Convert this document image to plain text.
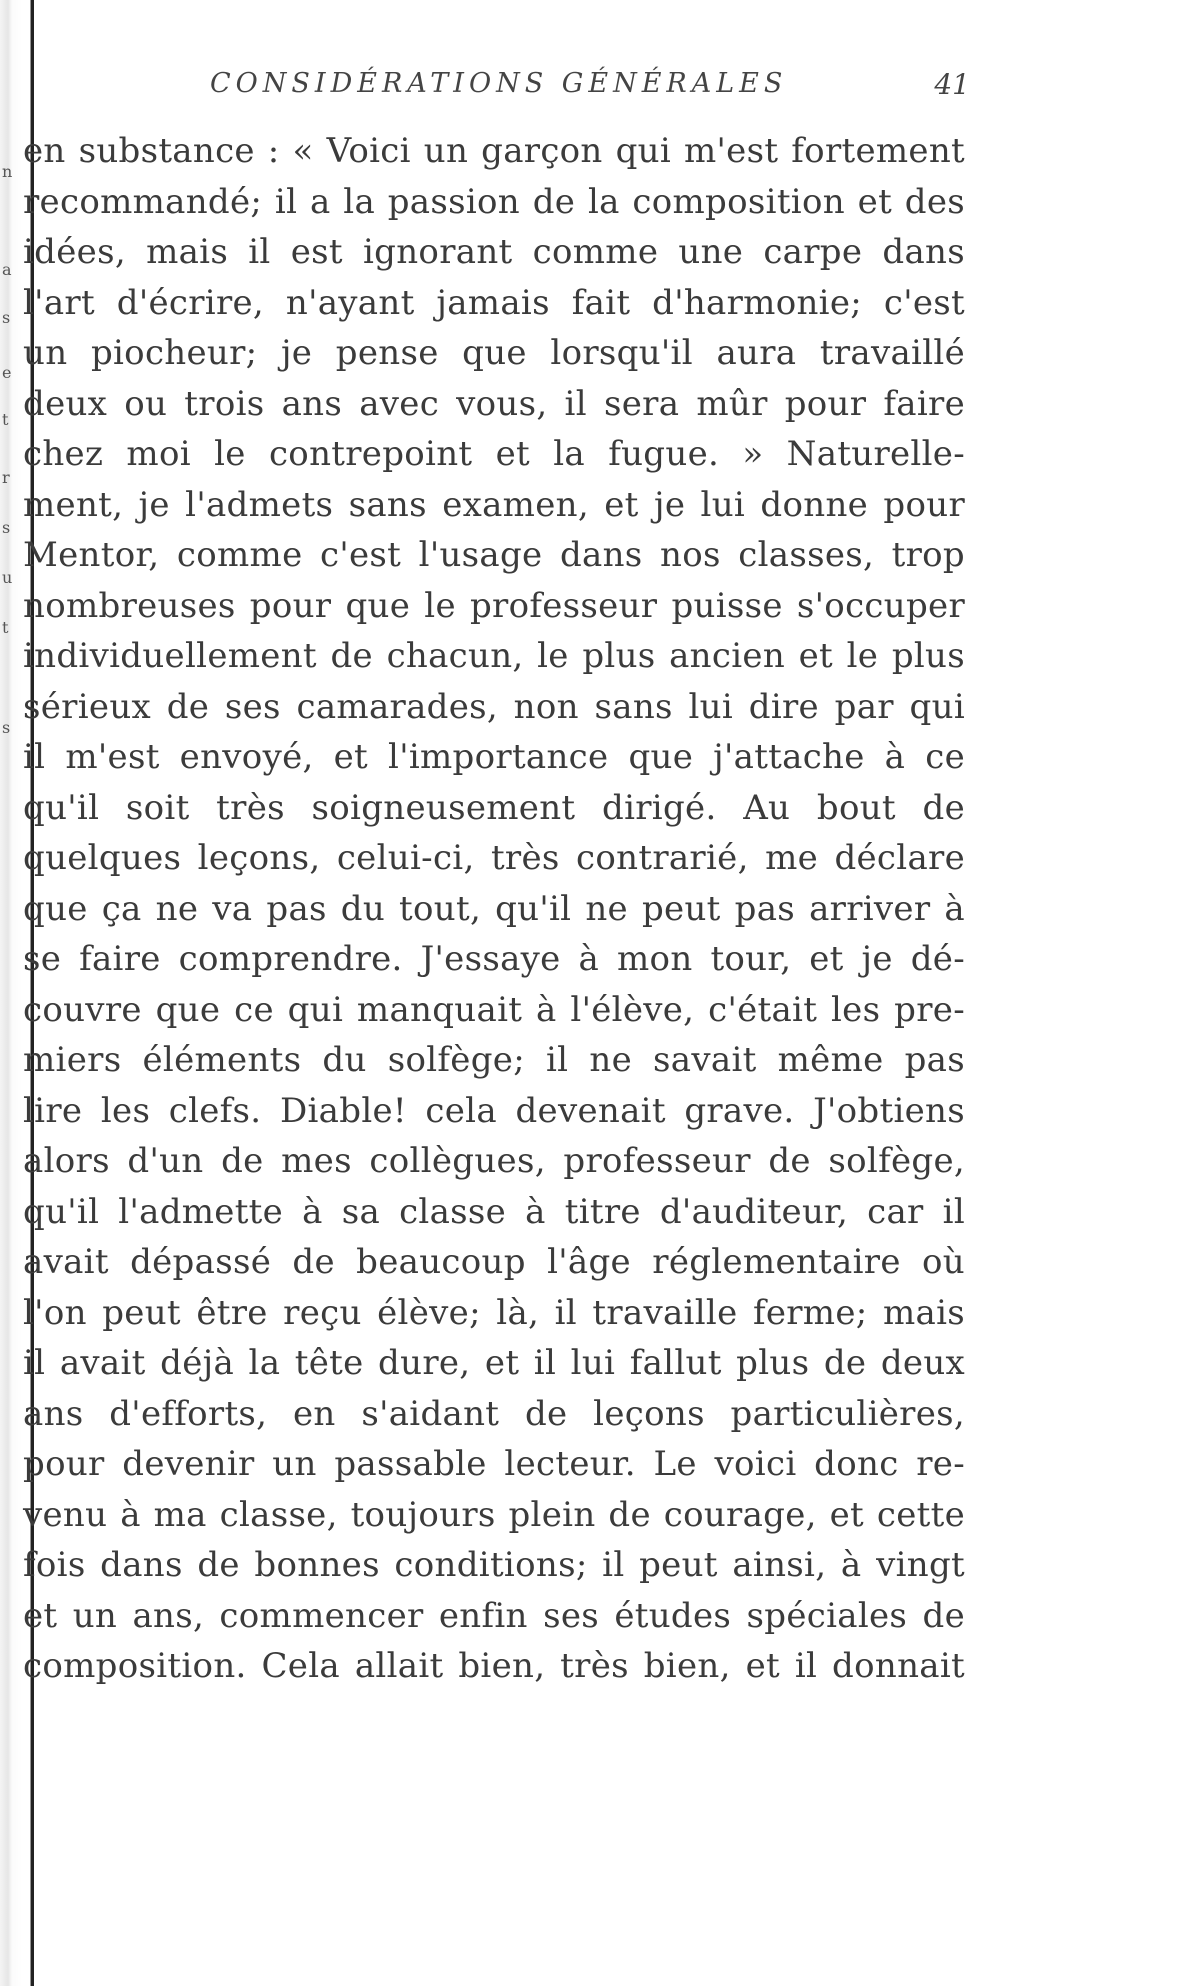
n
a
s
e
t
r
s
u
t
s
CONSIDÉRATIONS GÉNÉRALES	41
en substance : « Voici un garçon qui m'est fortement
recommandé; il a la passion de la composition et des
idées, mais il est ignorant comme une carpe dans
l'art d'écrire, n'ayant jamais fait d'harmonie; c'est
un piocheur; je pense que lorsqu'il aura travaillé
deux ou trois ans avec vous, il sera mûr pour faire
chez moi le contrepoint et la fugue. » Naturelle-
ment, je l'admets sans examen, et je lui donne pour
Mentor, comme c'est l'usage dans nos classes, trop
nombreuses pour que le professeur puisse s'occuper
individuellement de chacun, le plus ancien et le plus
sérieux de ses camarades, non sans lui dire par qui
il m'est envoyé, et l'importance que j'attache à ce
qu'il soit très soigneusement dirigé. Au bout de
quelques leçons, celui-ci, très contrarié, me déclare
que ça ne va pas du tout, qu'il ne peut pas arriver à
se faire comprendre. J'essaye à mon tour, et je dé-
couvre que ce qui manquait à l'élève, c'était les pre-
miers éléments du solfège; il ne savait même pas
lire les clefs. Diable! cela devenait grave. J'obtiens
alors d'un de mes collègues, professeur de solfège,
qu'il l'admette à sa classe à titre d'auditeur, car il
avait dépassé de beaucoup l'âge réglementaire où
l'on peut être reçu élève; là, il travaille ferme; mais
il avait déjà la tête dure, et il lui fallut plus de deux
ans d'efforts, en s'aidant de leçons particulières,
pour devenir un passable lecteur. Le voici donc re-
venu à ma classe, toujours plein de courage, et cette
fois dans de bonnes conditions; il peut ainsi, à vingt
et un ans, commencer enfin ses études spéciales de
composition. Cela allait bien, très bien, et il donnait
